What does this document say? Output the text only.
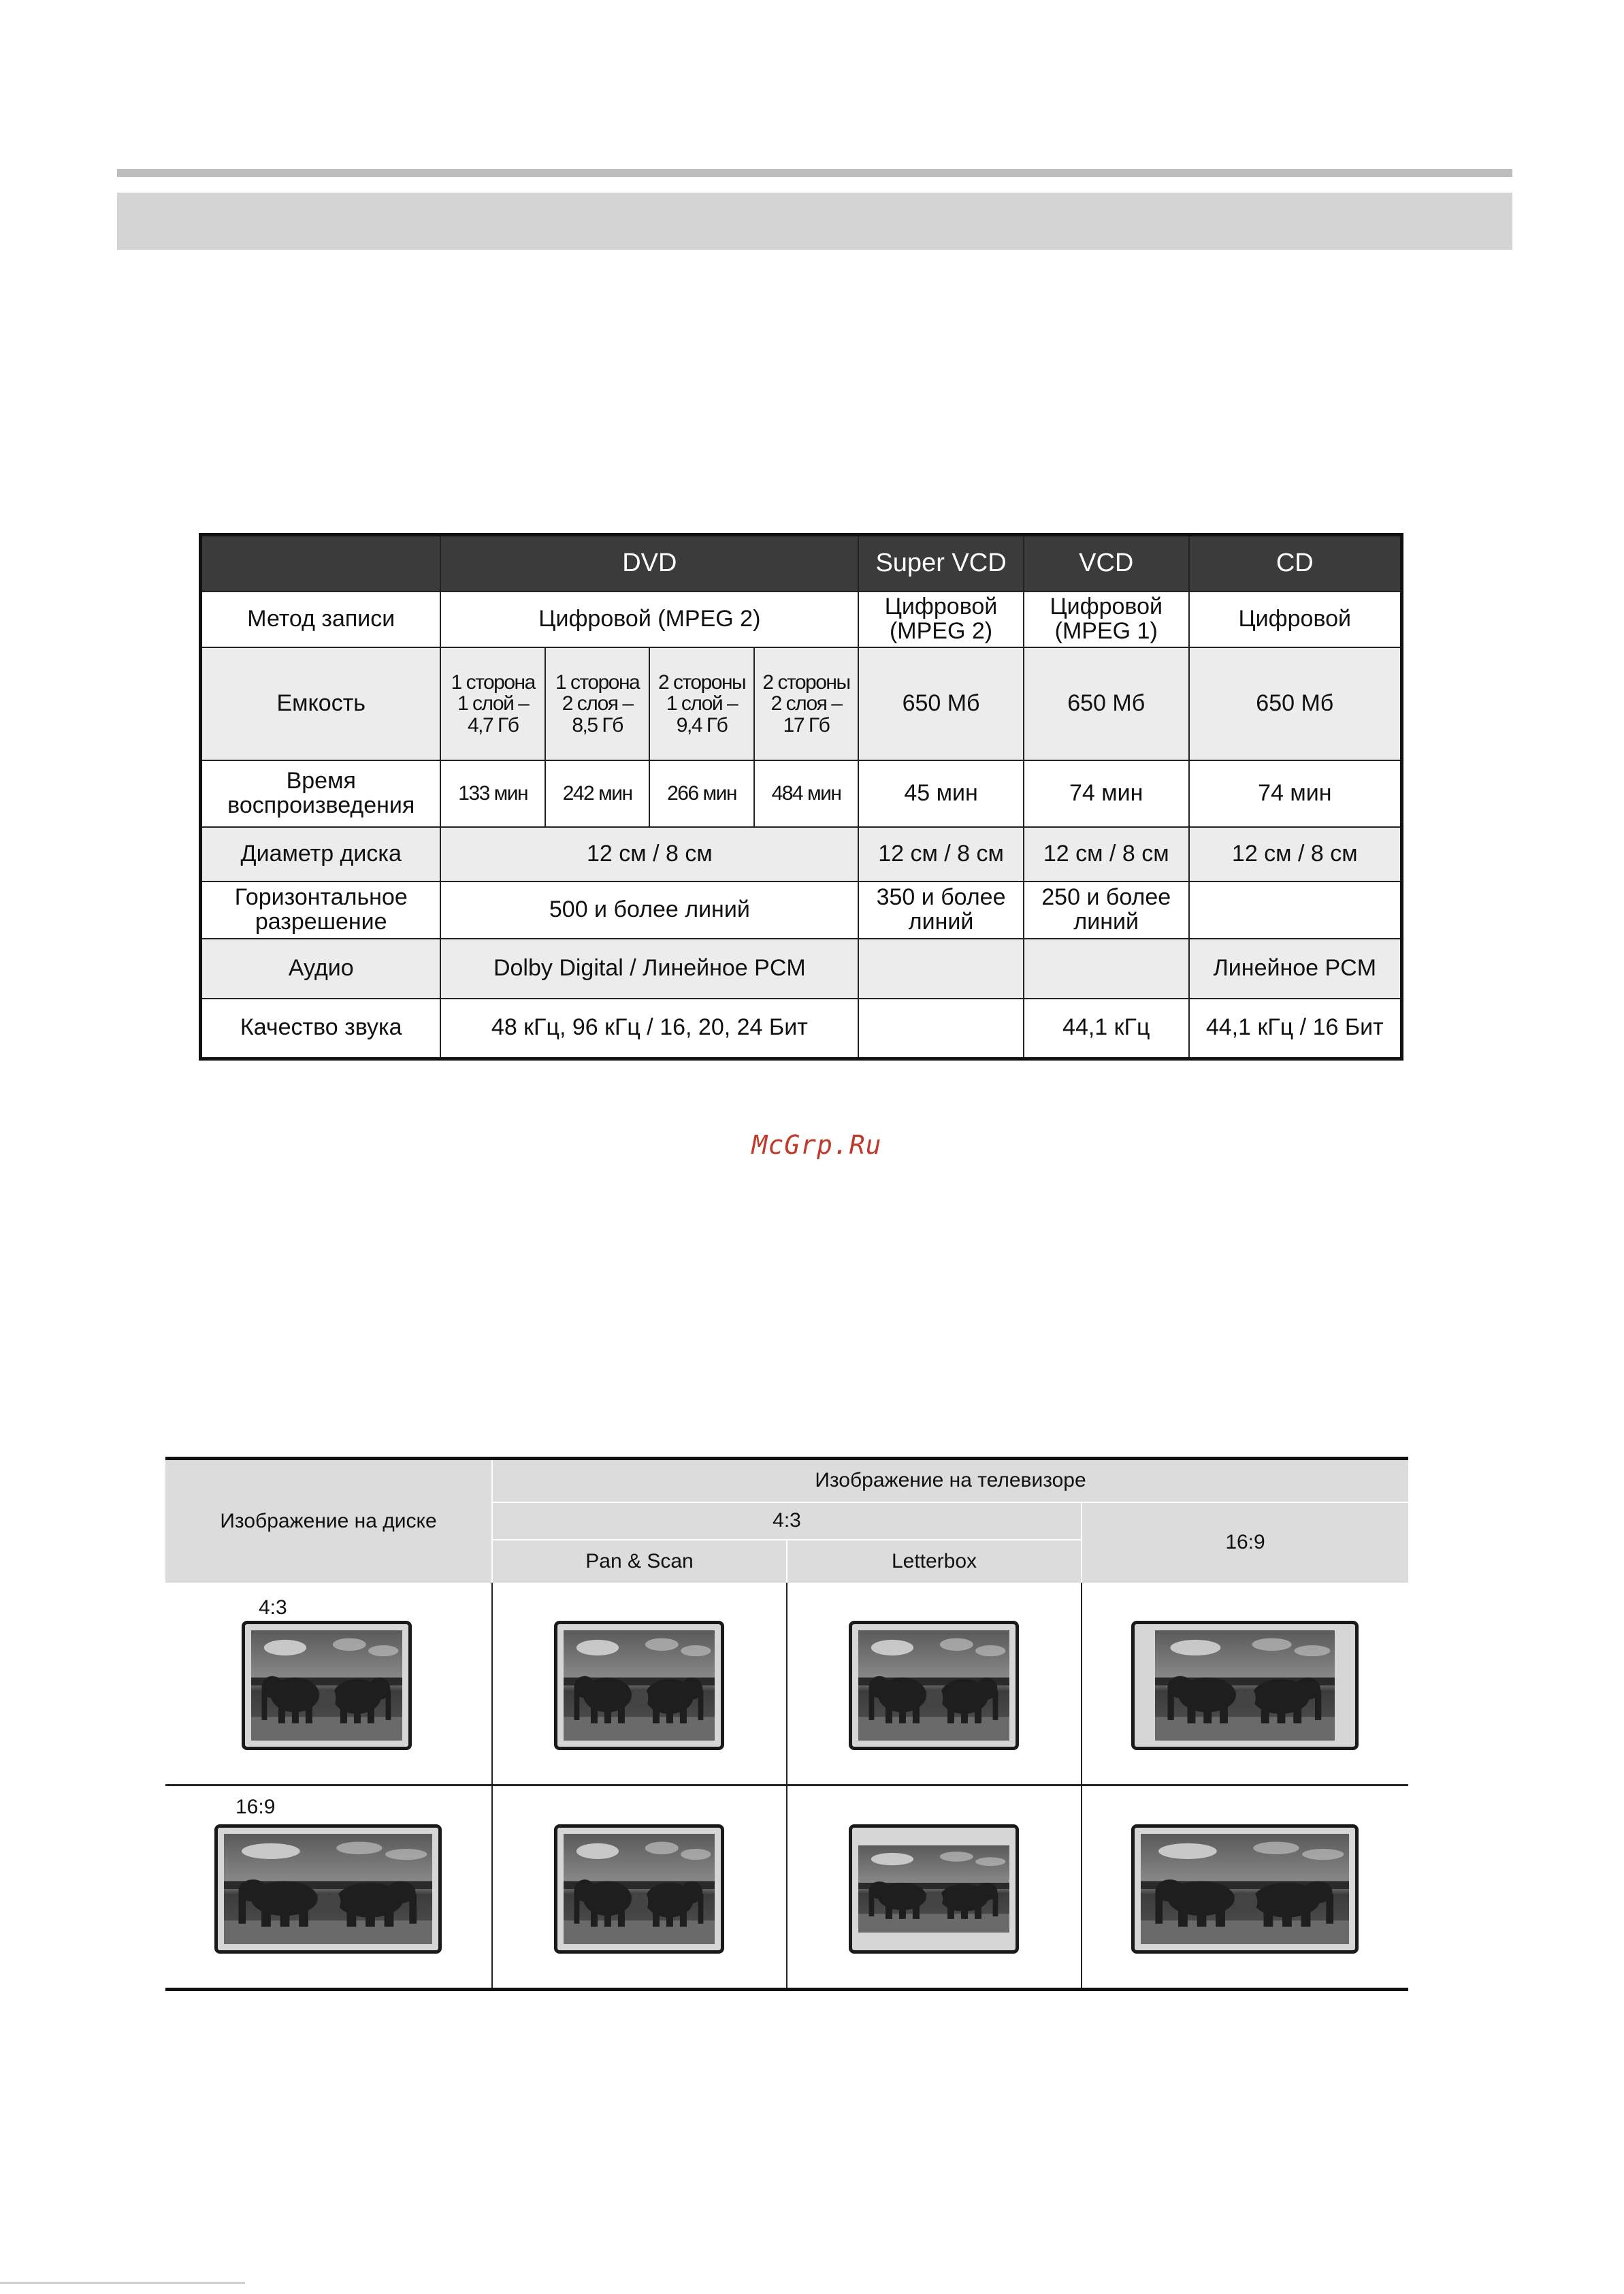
	DVD				Super VCD	VCD	CD
Метод записи	Цифровой (MPEG 2)				Цифровой (MPEG 2)	Цифровой (MPEG 1)	Цифровой
Емкость	1 сторона 1 слой – 4,7 Гб	1 сторона 2 слоя – 8,5 Гб	2 стороны 1 слой – 9,4 Гб	2 стороны 2 слоя – 17 Гб	650 Мб	650 Мб	650 Мб
Время воспроизведения	133 мин	242 мин	266 мин	484 мин	45 мин	74 мин	74 мин
Диаметр диска	12 см / 8 см				12 см / 8 см	12 см / 8 см	12 см / 8 см
Горизонтальное разрешение	500 и более линий				350 и более линий	250 и более линий	
Аудио	Dolby Digital / Линейное PCM						Линейное PCM
Качество звука	48 кГц, 96 кГц / 16, 20, 24 Бит					44,1 кГц	44,1 кГц / 16 Бит
McGrp.Ru
Изображение на диске	Изображение на телевизоре		
	4:3		16:9
	Pan & Scan	Letterbox	

4:3

16:9
